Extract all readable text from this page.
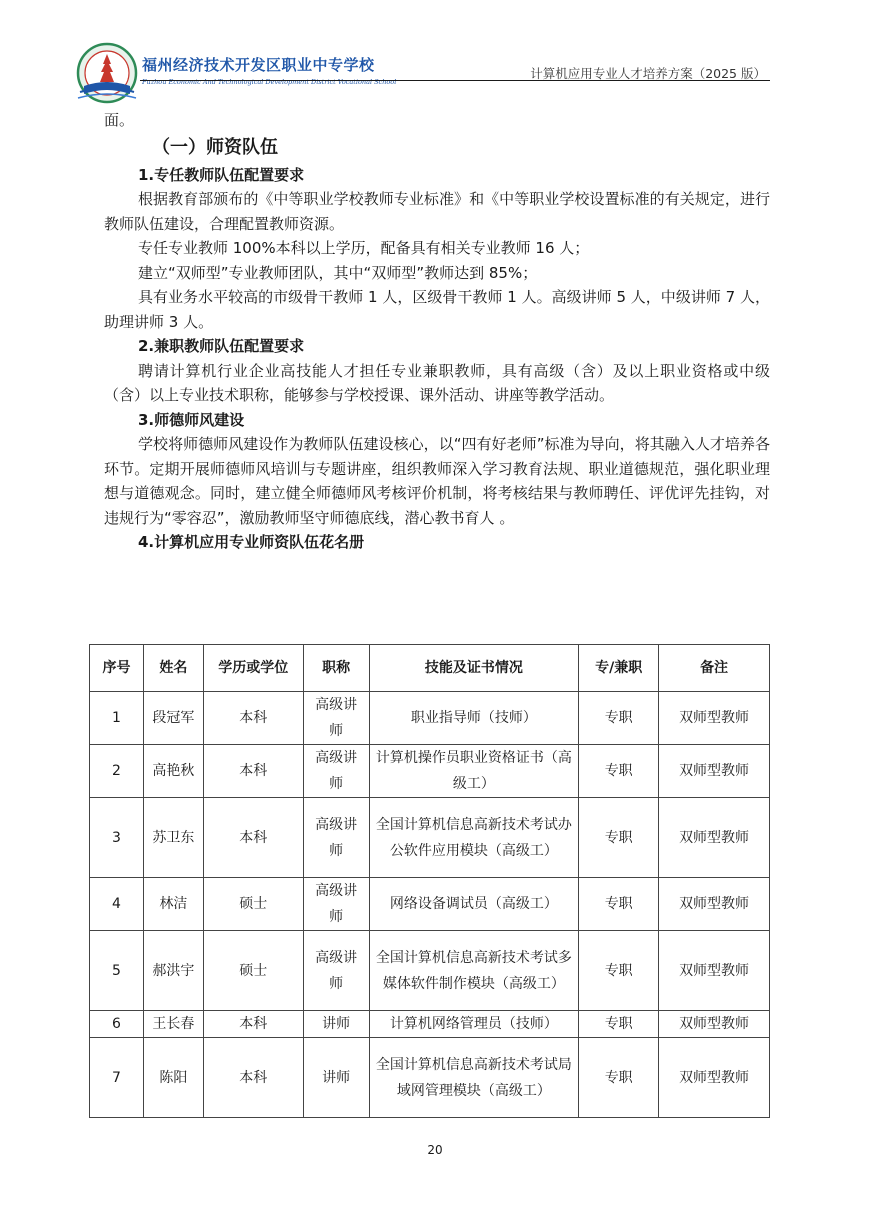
福州经济技术开发区职业中专学校
Fuzhou Economic And Technological Development District Vocational School
计算机应用专业人才培养方案（2025 版）

面。

（一）师资队伍

1.专任教师队伍配置要求

根据教育部颁布的《中等职业学校教师专业标准》和《中等职业学校设置标准的有关规定，进行教师队伍建设，合理配置教师资源。

专任专业教师 100%本科以上学历，配备具有相关专业教师 16 人；

建立“双师型”专业教师团队，其中“双师型”教师达到 85%；

具有业务水平较高的市级骨干教师 1 人，区级骨干教师 1 人。高级讲师 5 人，中级讲师 7 人，助理讲师 3 人。

2.兼职教师队伍配置要求

聘请计算机行业企业高技能人才担任专业兼职教师，具有高级（含）及以上职业资格或中级（含）以上专业技术职称，能够参与学校授课、课外活动、讲座等教学活动。

3.师德师风建设

学校将师德师风建设作为教师队伍建设核心，以“四有好老师”标准为导向，将其融入人才培养各环节。定期开展师德师风培训与专题讲座，组织教师深入学习教育法规、职业道德规范，强化职业理想与道德观念。同时，建立健全师德师风考核评价机制，将考核结果与教师聘任、评优评先挂钩，对违规行为“零容忍”，激励教师坚守师德底线，潜心教书育人 。

4.计算机应用专业师资队伍花名册

序号	姓名	学历或学位	职称	技能及证书情况	专/兼职	备注
1	段冠军	本科	高级讲师	职业指导师（技师）	专职	双师型教师
2	高艳秋	本科	高级讲师	计算机操作员职业资格证书（高级工）	专职	双师型教师
3	苏卫东	本科	高级讲师	全国计算机信息高新技术考试办公软件应用模块（高级工）	专职	双师型教师
4	林洁	硕士	高级讲师	网络设备调试员（高级工）	专职	双师型教师
5	郝洪宇	硕士	高级讲师	全国计算机信息高新技术考试多媒体软件制作模块（高级工）	专职	双师型教师
6	王长春	本科	讲师	计算机网络管理员（技师）	专职	双师型教师
7	陈阳	本科	讲师	全国计算机信息高新技术考试局域网管理模块（高级工）	专职	双师型教师
20
